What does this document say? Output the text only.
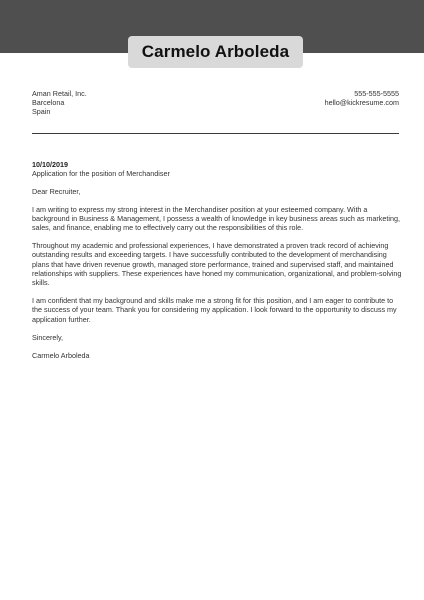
Carmelo Arboleda
Aman Retail, Inc.
Barcelona
Spain
555-555-5555
hello@kickresume.com
10/10/2019
Application for the position of Merchandiser

Dear Recruiter,

I am writing to express my strong interest in the Merchandiser position at your esteemed company. With a background in Business & Management, I possess a wealth of knowledge in key business areas such as marketing, sales, and finance, enabling me to effectively carry out the responsibilities of this role.

Throughout my academic and professional experiences, I have demonstrated a proven track record of achieving outstanding results and exceeding targets. I have successfully contributed to the development of merchandising plans that have driven revenue growth, managed store performance, trained and supervised staff, and maintained relationships with suppliers. These experiences have honed my communication, organizational, and problem-solving skills.

I am confident that my background and skills make me a strong fit for this position, and I am eager to contribute to the success of your team. Thank you for considering my application. I look forward to the opportunity to discuss my application further.

Sincerely,

Carmelo Arboleda
